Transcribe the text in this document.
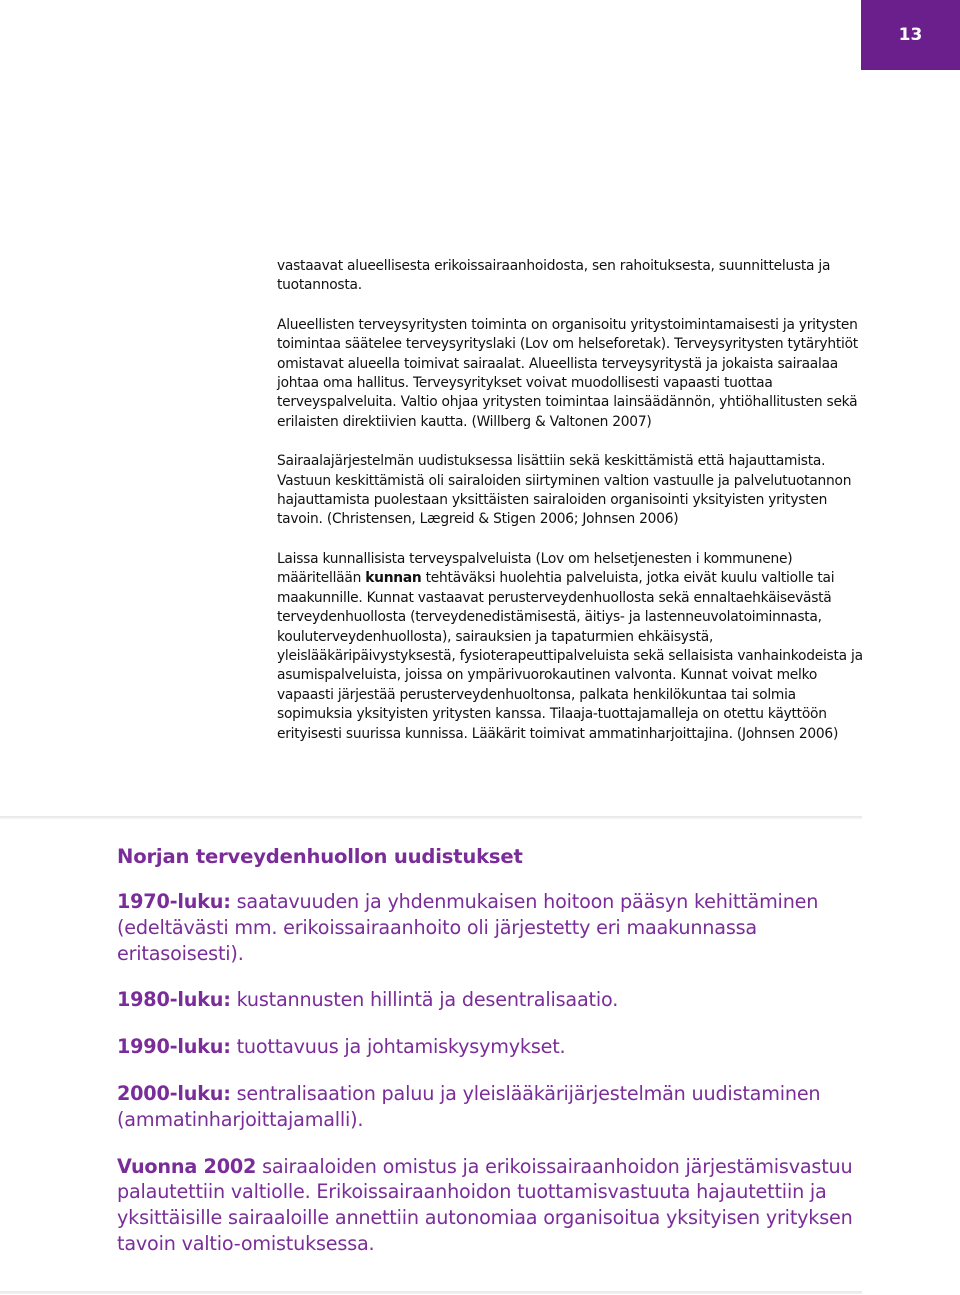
13

vastaavat alueellisesta erikoissairaanhoidosta, sen rahoituksesta, suunnittelusta ja tuotannosta.

Alueellisten terveysyritysten toiminta on organisoitu yritystoimintamaisesti ja yritysten toimintaa säätelee terveysyrityslaki (Lov om helseforetak). Terveysyritysten tytäryhtiöt omistavat alueella toimivat sairaalat. Alueellista terveysyritystä ja jokaista sairaalaa johtaa oma hallitus. Terveysyritykset voivat muodollisesti vapaasti tuottaa terveyspalveluita. Valtio ohjaa yritysten toimintaa lainsäädännön, yhtiöhallitusten sekä erilaisten direktiivien kautta. (Willberg & Valtonen 2007)

Sairaalajärjestelmän uudistuksessa lisättiin sekä keskittämistä että hajauttamista. Vastuun keskittämistä oli sairaloiden siirtyminen valtion vastuulle ja palvelutuotannon hajauttamista puolestaan yksittäisten sairaloiden organisointi yksityisten yritysten tavoin. (Christensen, Lægreid & Stigen 2006; Johnsen 2006)

Laissa kunnallisista terveyspalveluista (Lov om helsetjenesten i kommunene) määritellään kunnan tehtäväksi huolehtia palveluista, jotka eivät kuulu valtiolle tai maakunnille. Kunnat vastaavat perusterveydenhuollosta sekä ennaltaehkäisevästä terveydenhuollosta (terveydenedistämisestä, äitiys- ja lastenneuvolatoiminnasta, kouluterveydenhuollosta), sairauksien ja tapaturmien ehkäisystä, yleislääkäripäivystyksestä, fysioterapeuttipalveluista sekä sellaisista vanhainkodeista ja asumispalveluista, joissa on ympärivuorokautinen valvonta. Kunnat voivat melko vapaasti järjestää perusterveydenhuoltonsa, palkata henkilökuntaa tai solmia sopimuksia yksityisten yritysten kanssa. Tilaaja-tuottajamalleja on otettu käyttöön erityisesti suurissa kunnissa. Lääkärit toimivat ammatinharjoittajina. (Johnsen 2006)

Norjan terveydenhuollon uudistukset

1970-luku: saatavuuden ja yhdenmukaisen hoitoon pääsyn kehittäminen (edeltävästi mm. erikoissairaanhoito oli järjestetty eri maakunnassa eritasoisesti).

1980-luku: kustannusten hillintä ja desentralisaatio.

1990-luku: tuottavuus ja johtamiskysymykset.

2000-luku: sentralisaation paluu ja yleislääkärijärjestelmän uudistaminen (ammatinharjoittajamalli).

Vuonna 2002 sairaaloiden omistus ja erikoissairaanhoidon järjestämisvastuu palautettiin valtiolle. Erikoissairaanhoidon tuottamisvastuuta hajautettiin ja yksittäisille sairaaloille annettiin autonomiaa organisoitua yksityisen yrityksen tavoin valtio-omistuksessa.
